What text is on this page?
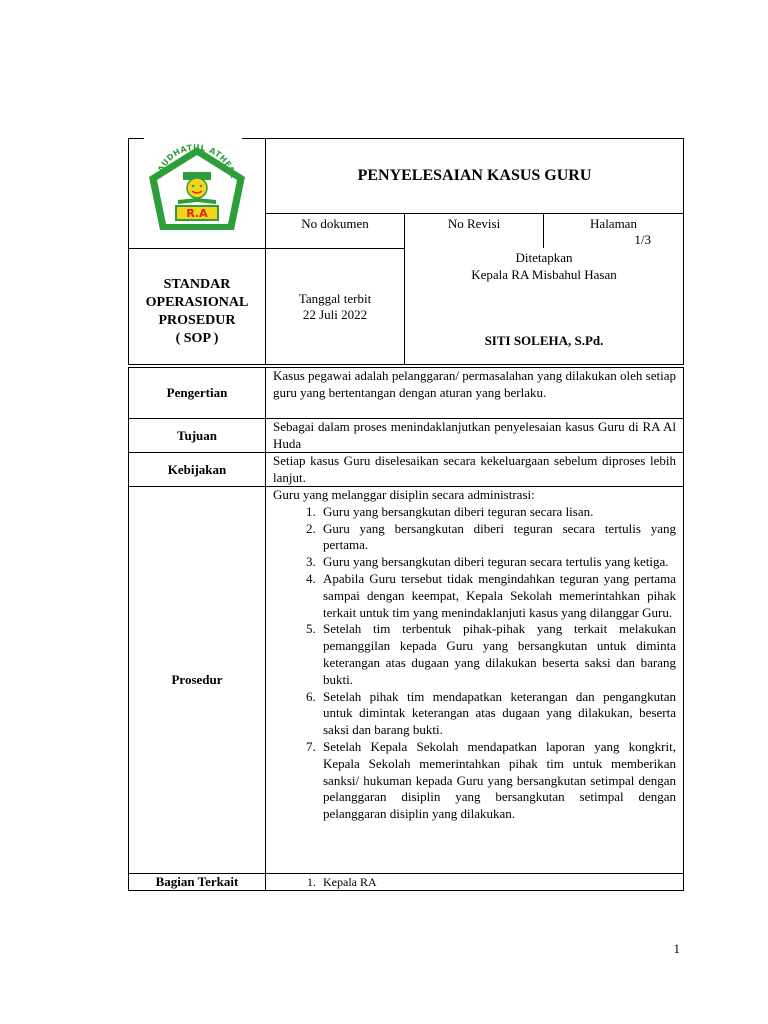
RAUDHATUL ATHFAL
R.A
PENYELESAIAN KASUS GURU
No dokumen	No Revisi	Halaman
1/3
STANDAR
OPERASIONAL
PROSEDUR
( SOP )
Tanggal terbit
22 Juli 2022
Ditetapkan
Kepala RA Misbahul Hasan
SITI SOLEHA, S.Pd.
Pengertian
Kasus pegawai adalah pelanggaran/ permasalahan yang dilakukan oleh setiap guru yang bertentangan dengan aturan yang berlaku.
Tujuan
Sebagai dalam proses menindaklanjutkan penyelesaian kasus Guru di RA Al Huda
Kebijakan
Setiap kasus Guru diselesaikan secara kekeluargaan sebelum diproses lebih lanjut.
Prosedur
Guru yang melanggar disiplin secara administrasi:
1. Guru yang bersangkutan diberi teguran secara lisan.
2. Guru yang bersangkutan diberi teguran secara tertulis yang pertama.
3. Guru yang bersangkutan diberi teguran secara tertulis yang ketiga.
4. Apabila Guru tersebut tidak mengindahkan teguran yang pertama sampai dengan keempat, Kepala Sekolah memerintahkan pihak terkait untuk tim yang menindaklanjuti kasus yang dilanggar Guru.
5. Setelah tim terbentuk pihak-pihak yang terkait melakukan pemanggilan kepada Guru yang bersangkutan untuk diminta keterangan atas dugaan yang dilakukan beserta saksi dan barang bukti.
6. Setelah pihak tim mendapatkan keterangan dan pengangkutan untuk dimintak keterangan atas dugaan yang dilakukan, beserta saksi dan barang bukti.
7. Setelah Kepala Sekolah mendapatkan laporan yang kongkrit, Kepala Sekolah memerintahkan pihak tim untuk memberikan sanksi/ hukuman kepada Guru yang bersangkutan setimpal dengan pelanggaran disiplin yang bersangkutan setimpal dengan pelanggaran disiplin yang dilakukan.
Bagian Terkait
1.	Kepala RA
1
